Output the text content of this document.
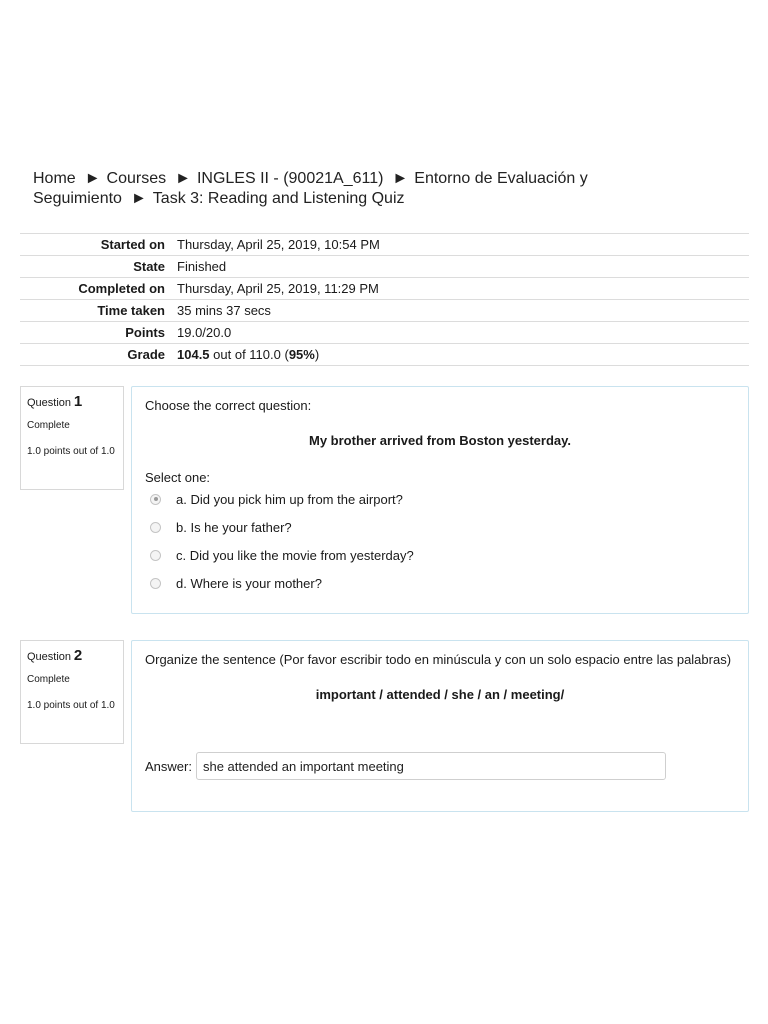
Home ► Courses ► INGLES II - (90021A_611) ► Entorno de Evaluación y Seguimiento ► Task 3: Reading and Listening Quiz
Started on	Thursday, April 25, 2019, 10:54 PM
State	Finished
Completed on	Thursday, April 25, 2019, 11:29 PM
Time taken	35 mins 37 secs
Points	19.0/20.0
Grade	104.5 out of 110.0 (95%)
Question 1
Complete
1.0 points out of 1.0
Choose the correct question:
My brother arrived from Boston yesterday.
Select one:
a. Did you pick him up from the airport?
b. Is he your father?
c. Did you like the movie from yesterday?
d. Where is your mother?
Question 2
Complete
1.0 points out of 1.0
Organize the sentence (Por favor escribir todo en minúscula y con un solo espacio entre las palabras)
important / attended / she / an / meeting/
Answer:
she attended an important meeting
